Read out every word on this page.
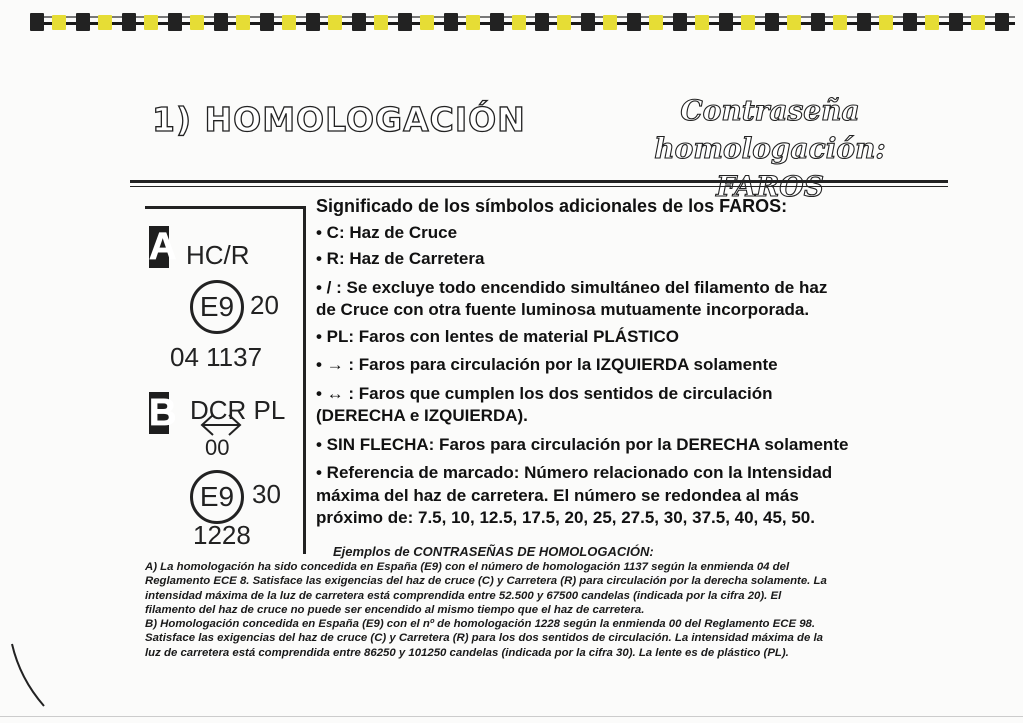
1) HOMOLOGACIÓN	Contraseña homologación:
A HC/R
E9 20
04 1137
B DCR PL
00
E9 30
1228
Significado de los símbolos adicionales de los FAROS:
• C: Haz de Cruce
• R: Haz de Carretera
• / : Se excluye todo encendido simultáneo del filamento de haz
de Cruce con otra fuente luminosa mutuamente incorporada.
• PL: Faros con lentes de material PLÁSTICO
• → : Faros para circulación por la IZQUIERDA solamente
• ↔ : Faros que cumplen los dos sentidos de circulación
(DERECHA e IZQUIERDA).
• SIN FLECHA: Faros para circulación por la DERECHA solamente
• Referencia de marcado: Número relacionado con la Intensidad
máxima del haz de carretera. El número se redondea al más
próximo de: 7.5, 10, 12.5, 17.5, 20, 25, 27.5, 30, 37.5, 40, 45, 50.
Ejemplos de CONTRASEÑAS DE HOMOLOGACIÓN:
A) La homologación ha sido concedida en España (E9) con el número de homologación 1137 según la enmienda 04 del
Reglamento ECE 8. Satisface las exigencias del haz de cruce (C) y Carretera (R) para circulación por la derecha solamente. La
intensidad máxima de la luz de carretera está comprendida entre 52.500 y 67500 candelas (indicada por la cifra 20). El
filamento del haz de cruce no puede ser encendido al mismo tiempo que el haz de carretera.
B) Homologación concedida en España (E9) con el nº de homologación 1228 según la enmienda 00 del Reglamento ECE 98.
Satisface las exigencias del haz de cruce (C) y Carretera (R) para los dos sentidos de circulación. La intensidad máxima de la
luz de carretera está comprendida entre 86250 y 101250 candelas (indicada por la cifra 30). La lente es de plástico (PL).
